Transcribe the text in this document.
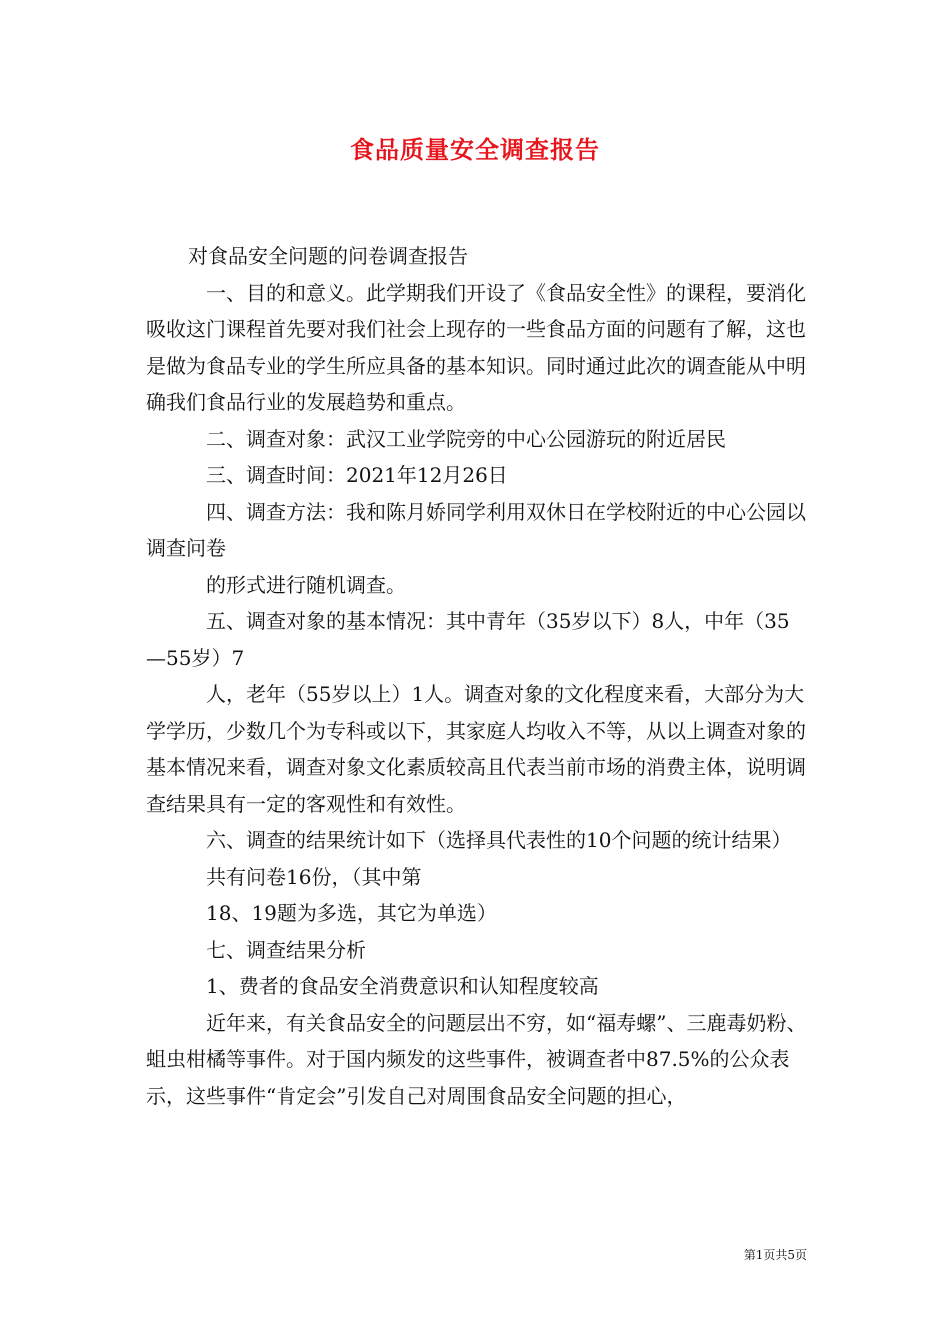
食品质量安全调查报告

对食品安全问题的问卷调查报告

一、目的和意义。此学期我们开设了《食品安全性》的课程，要消化吸收这门课程首先要对我们社会上现存的一些食品方面的问题有了解，这也是做为食品专业的学生所应具备的基本知识。同时通过此次的调查能从中明确我们食品行业的发展趋势和重点。

二、调查对象：武汉工业学院旁的中心公园游玩的附近居民

三、调查时间：2021年12月26日

四、调查方法：我和陈月娇同学利用双休日在学校附近的中心公园以调查问卷

的形式进行随机调查。

五、调查对象的基本情况：其中青年（35岁以下）8人，中年（35—55岁）7

人，老年（55岁以上）1人。调查对象的文化程度来看，大部分为大学学历，少数几个为专科或以下，其家庭人均收入不等，从以上调查对象的基本情况来看，调查对象文化素质较高且代表当前市场的消费主体，说明调查结果具有一定的客观性和有效性。

六、调查的结果统计如下（选择具代表性的10个问题的统计结果）

共有问卷16份，（其中第

18、19题为多选，其它为单选）

七、调查结果分析

1、费者的食品安全消费意识和认知程度较高

近年来，有关食品安全的问题层出不穷，如“福寿螺”、三鹿毒奶粉、蛆虫柑橘等事件。对于国内频发的这些事件，被调查者中87.5%的公众表示，这些事件“肯定会”引发自己对周围食品安全问题的担心，

第1页共5页
